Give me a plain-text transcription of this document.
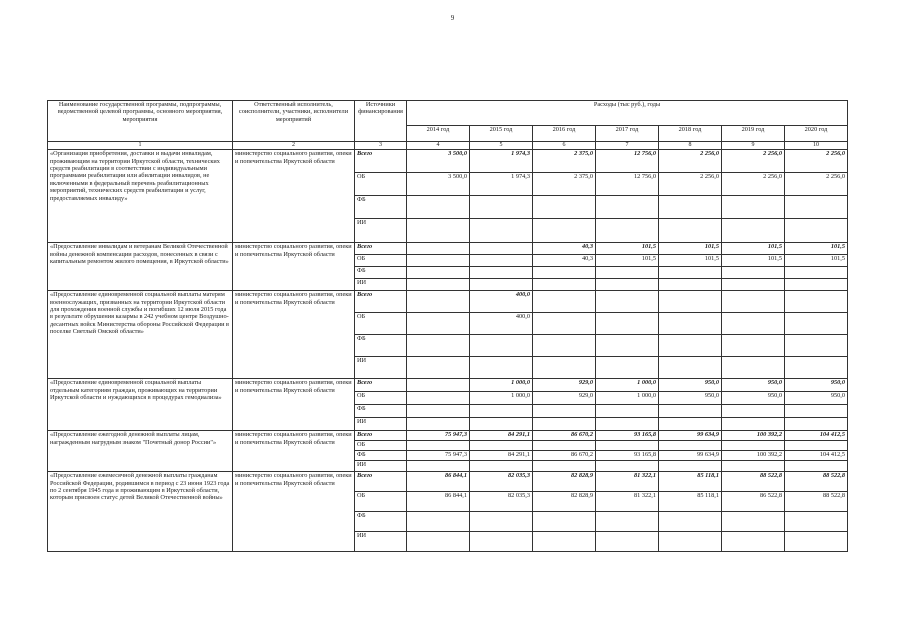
9
Наименование государственной программы, подпрограммы, ведомственной целевой программы, основного мероприятия, мероприятия	Ответственный исполнитель, соисполнители, участники, исполнители мероприятий	Источники финансирования	Расходы (тыс руб.), годы						
			2014 год	2015 год	2016 год	2017 год	2018 год	2019 год	2020 год
1	2	3	4	5	6	7	8	9	10
«Организация приобретения, доставки и выдачи инвалидам, проживающим на территории Иркутской области, технических средств реабилитации в соответствии с индивидуальными программами реабилитации или абилитации инвалидов, не включенными в федеральный перечень реабилитационных мероприятий, технических средств реабилитации и услуг, предоставляемых инвалиду»	министерство социального развития, опеки и попечительства Иркутской области	Всего	3 500,0	1 974,3	2 375,0	12 756,0	2 256,0	2 256,0	2 256,0
		ОБ	3 500,0	1 974,3	2 375,0	12 756,0	2 256,0	2 256,0	2 256,0
		ФБ							
		ИИ							
«Предоставление инвалидам и ветеранам Великой Отечественной войны денежной компенсации расходов, понесенных в связи с капитальным ремонтом жилого помещения, в Иркутской области»	министерство социального развития, опеки и попечительства Иркутской области	Всего			40,3	101,5	101,5	101,5	101,5
		ОБ			40,3	101,5	101,5	101,5	101,5
		ФБ							
		ИИ							
«Предоставление единовременной социальной выплаты матерям военнослужащих, призванных на территории Иркутской области для прохождения военной службы и погибших 12 июля 2015 года в результате обрушения казармы в 242 учебном центре Воздушно-десантных войск Министерства обороны Российской Федерации в поселке Светлый Омской области»	министерство социального развития, опеки и попечительства Иркутской области	Всего		400,0					
		ОБ		400,0					
		ФБ							
		ИИ							
«Предоставление единовременной социальной выплаты отдельным категориям граждан, проживающих на территории Иркутской области и нуждающихся в процедурах гемодиализа»	министерство социального развития, опеки и попечительства Иркутской области	Всего		1 000,0	929,0	1 000,0	950,0	950,0	950,0
		ОБ		1 000,0	929,0	1 000,0	950,0	950,0	950,0
		ФБ							
		ИИ							
«Предоставление ежегодной денежной выплаты лицам, награжденным нагрудным знаком "Почетный донор России"»	министерство социального развития, опеки и попечительства Иркутской области	Всего	75 947,3	84 291,1	86 670,2	93 165,8	99 634,9	100 392,2	104 412,5
		ОБ							
		ФБ	75 947,3	84 291,1	86 670,2	93 165,8	99 634,9	100 392,2	104 412,5
		ИИ							
«Предоставление ежемесячной денежной выплаты гражданам Российской Федерации, родившимся в период с 23 июня 1923 года по 2 сентября 1945 года и проживающим в Иркутской области, которым присвоен статус детей Великой Отечественной войны»	министерство социального развития, опеки и попечительства Иркутской области	Всего	86 844,1	82 035,3	82 828,9	81 322,1	85 118,1	88 522,8	88 522,8
		ОБ	86 844,1	82 035,3	82 828,9	81 322,1	85 118,1	86 522,8	88 522,8
		ФБ							
		ИИ							
